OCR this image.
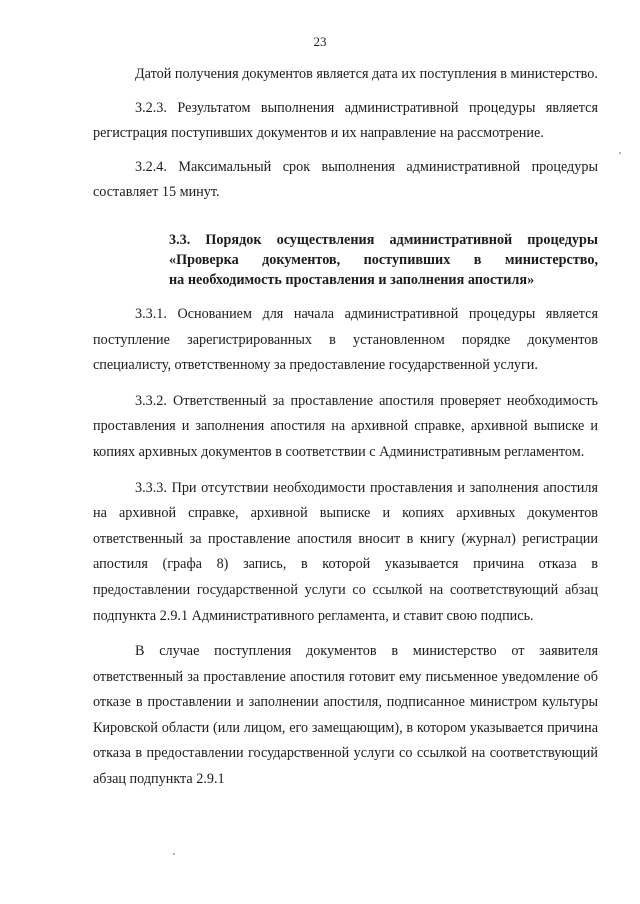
23

Датой получения документов является дата их поступления в министерство.

3.2.3. Результатом выполнения административной процедуры является регистрация поступивших документов и их направление на рассмотрение.

3.2.4. Максимальный срок выполнения административной процедуры составляет 15 минут.

3.3. Порядок осуществления административной процедуры
«Проверка документов, поступивших в министерство,
на необходимость проставления и заполнения апостиля»

3.3.1. Основанием для начала административной процедуры является поступление зарегистрированных в установленном порядке документов специалисту, ответственному за предоставление государственной услуги.

3.3.2. Ответственный за проставление апостиля проверяет необходимость проставления и заполнения апостиля на архивной справке, архивной выписке и копиях архивных документов в соответствии с Административным регламентом.

3.3.3. При отсутствии необходимости проставления и заполнения апостиля на архивной справке, архивной выписке и копиях архивных документов ответственный за проставление апостиля вносит в книгу (журнал) регистрации апостиля (графа 8) запись, в которой указывается причина отказа в предоставлении государственной услуги со ссылкой на соответствующий абзац подпункта 2.9.1 Административного регламента, и ставит свою подпись.

В случае поступления документов в министерство от заявителя ответственный за проставление апостиля готовит ему письменное уведомление об отказе в проставлении и заполнении апостиля, подписанное министром культуры Кировской области (или лицом, его замещающим), в котором указывается причина отказа в предоставлении государственной услуги со ссылкой на соответствующий абзац подпункта 2.9.1
